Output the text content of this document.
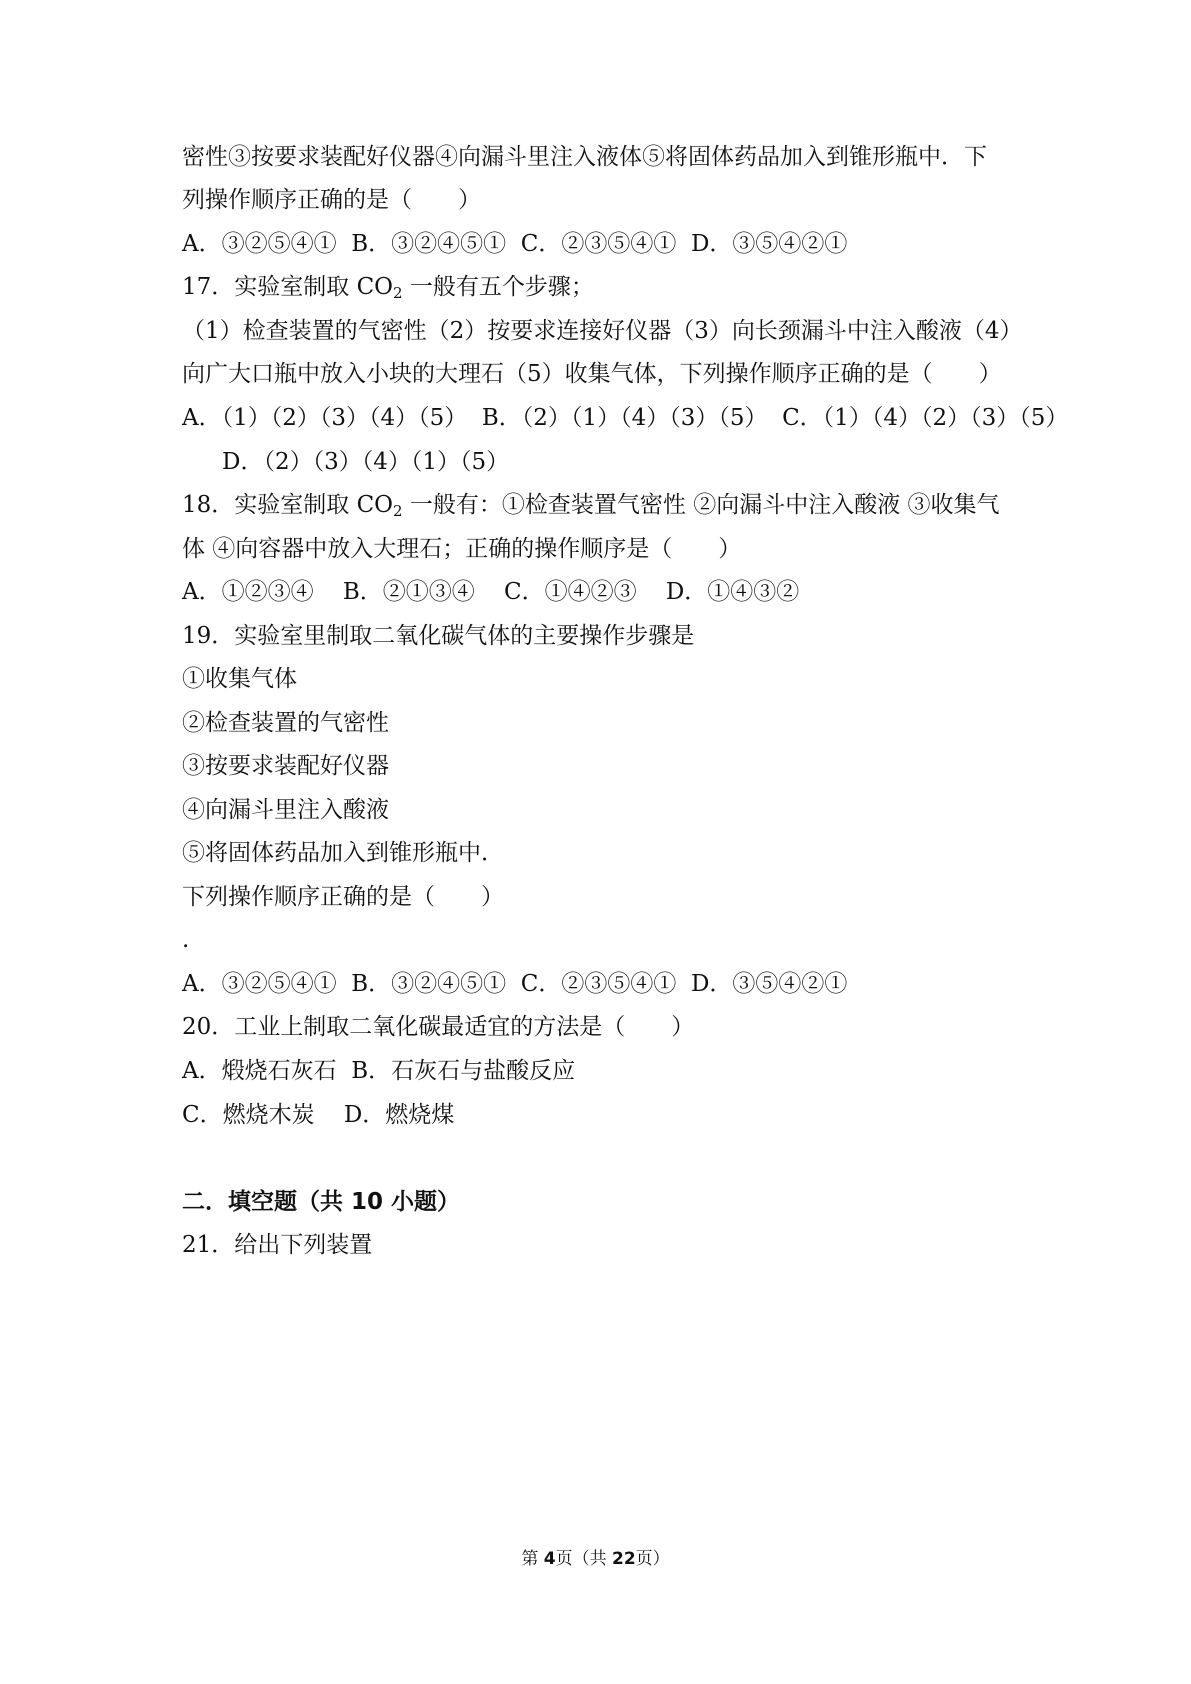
密性③按要求装配好仪器④向漏斗里注入液体⑤将固体药品加入到锥形瓶中．下
列操作顺序正确的是（　　）
A．③②⑤④①  B．③②④⑤①  C．②③⑤④①  D．③⑤④②①
17．实验室制取 $CO_2$ 一般有五个步骤；
（1）检查装置的气密性（2）按要求连接好仪器（3）向长颈漏斗中注入酸液（4）
向广大口瓶中放入小块的大理石（5）收集气体，下列操作顺序正确的是（　　）
A．（1）（2）（3）（4）（5）  B．（2）（1）（4）（3）（5）  C．（1）（4）（2）（3）（5）
D．（2）（3）（4）（1）（5）
18．实验室制取 $CO_2$ 一般有：①检查装置气密性 ②向漏斗中注入酸液 ③收集气
体 ④向容器中放入大理石；正确的操作顺序是（　　）
A．①②③④    B．②①③④    C．①④②③    D．①④③②
19．实验室里制取二氧化碳气体的主要操作步骤是
①收集气体
②检查装置的气密性
③按要求装配好仪器
④向漏斗里注入酸液
⑤将固体药品加入到锥形瓶中．
下列操作顺序正确的是（　　）
.
A．③②⑤④①  B．③②④⑤①  C．②③⑤④①  D．③⑤④②①
20．工业上制取二氧化碳最适宜的方法是（　　）
A．煅烧石灰石  B．石灰石与盐酸反应
C．燃烧木炭    D．燃烧煤
二．填空题（共 10 小题）
21．给出下列装置
第 4页（共 22页）
